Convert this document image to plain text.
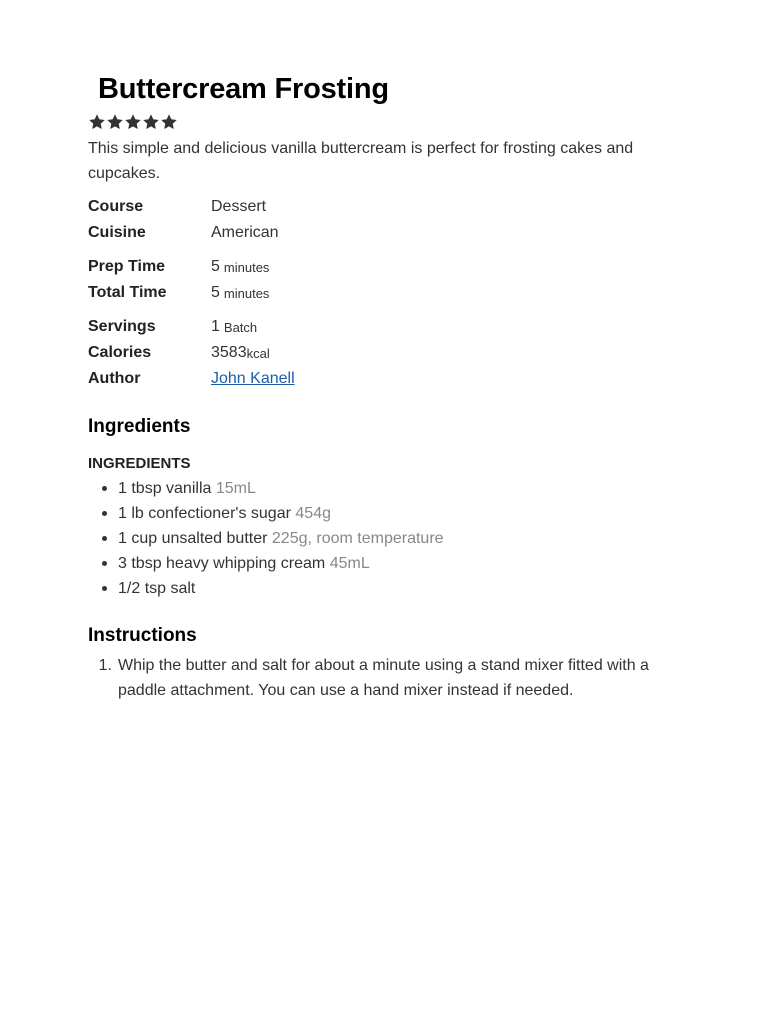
Buttercream Frosting

This simple and delicious vanilla buttercream is perfect for frosting cakes and cupcakes.

Course	Dessert
Cuisine	American
Prep Time	5 minutes
Total Time	5 minutes
Servings	1 Batch
Calories	3583 kcal
Author	John Kanell
Ingredients
INGREDIENTS
1 tbsp vanilla 15mL
1 lb confectioner's sugar 454g
1 cup unsalted butter 225g, room temperature
3 tbsp heavy whipping cream 45mL
1/2 tsp salt
Instructions
1. Whip the butter and salt for about a minute using a stand mixer fitted with a paddle attachment. You can use a hand mixer instead if needed.
